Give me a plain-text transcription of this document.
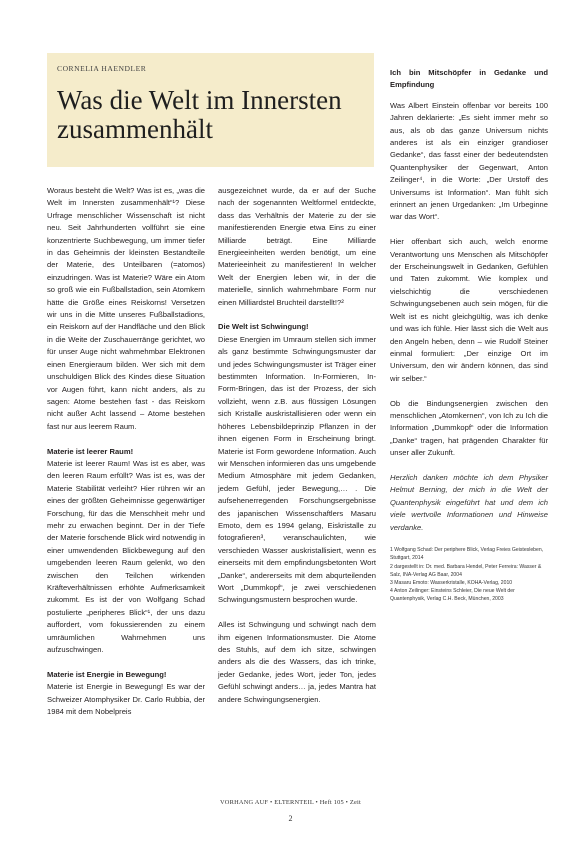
CORNELIA HAENDLER
Was die Welt im Innersten zusammenhält

Woraus besteht die Welt? Was ist es, „was die Welt im Innersten zusammenhält“¹? Diese Urfrage menschlicher Wissenschaft ist nicht neu. Seit Jahrhunderten vollführt sie eine konzentrierte Suchbewegung, um immer tiefer in das Geheimnis der kleinsten Bestandteile der Materie, des Unteilbaren (=atomos) einzudringen. Was ist Materie? Wäre ein Atom so groß wie ein Fußballstadion, sein Atomkern hätte die Größe eines Reiskorns! Versetzen wir uns in die Mitte unseres Fußballstadions, ein Reiskorn auf der Handfläche und den Blick in die Weite der Zuschauerränge gerichtet, wo für unser Auge nicht wahrnehmbar Elektronen einen Energieraum bilden. Wer sich mit dem unschuldigen Blick des Kindes diese Situation vor Augen führt, kann nicht anders, als zu sagen: Atome bestehen fast - das Reiskorn nicht außer Acht lassend – Atome bestehen fast nur aus leerem Raum.

Materie ist leerer Raum!

Materie ist leerer Raum! Was ist es aber, was den leeren Raum erfüllt? Was ist es, was der Materie Stabilität verleiht? Hier rühren wir an eines der größten Geheimnisse gegenwärtiger Forschung, für das die Menschheit mehr und mehr zu erwachen beginnt. Der in der Tiefe der Materie forschende Blick wird notwendig in einer umwendenden Blickbewegung auf den umgebenden leeren Raum gelenkt, wo den zwischen den Teilchen wirkenden Kräfteverhältnissen erhöhte Aufmerksamkeit zukommt. Es ist der von Wolfgang Schad postulierte „peripheres Blick“¹, der uns dazu auffordert, vom fokussierenden zu einem umräumlichen Wahrnehmen uns aufzuschwingen.

Materie ist Energie in Bewegung!

Materie ist Energie in Bewegung! Es war der Schweizer Atomphysiker Dr. Carlo Rubbia, der 1984 mit dem Nobelpreis

ausgezeichnet wurde, da er auf der Suche nach der sogenannten Weltformel entdeckte, dass das Verhältnis der Materie zu der sie manifestierenden Energie etwa Eins zu einer Milliarde beträgt. Eine Milliarde Energieeinheiten werden benötigt, um eine Materieeinheit zu manifestieren! In welcher Welt der Energien leben wir, in der die materielle, sinnlich wahrnehmbare Form nur einen Milliardstel Bruchteil darstellt!?²

Die Welt ist Schwingung!

Diese Energien im Umraum stellen sich immer als ganz bestimmte Schwingungsmuster dar und jedes Schwingungsmuster ist Träger einer bestimmten Information. In-Formieren, In-Form-Bringen, das ist der Prozess, der sich vollzieht, wenn z.B. aus flüssigen Lösungen sich Kristalle auskristallisieren oder wenn ein höheres Lebensbildeprinzip Pflanzen in der ihnen eigenen Form in Erscheinung bringt. Materie ist Form gewordene Information. Auch wir Menschen informieren das uns umgebende Medium Atmosphäre mit jedem Gedanken, jedem Gefühl, jeder Bewegung,… . Die aufsehenerregenden Forschungsergebnisse des japanischen Wissenschaftlers Masaru Emoto, dem es 1994 gelang, Eiskristalle zu fotografieren³, veranschaulichten, wie verschieden Wasser auskristallisiert, wenn es einerseits mit dem empfindungsbetonten Wort „Danke“, andererseits mit dem abqurteilenden Wort „Dummkopf“, je zwei verschiedenen Schwingungsmustern besprochen wurde.

Alles ist Schwingung und schwingt nach dem ihm eigenen Informationsmuster. Die Atome des Stuhls, auf dem ich sitze, schwingen anders als die des Wassers, das ich trinke, jeder Gedanke, jedes Wort, jeder Ton, jedes Gefühl schwingt anders… ja, jedes Mantra hat andere Schwingungsenergien.

Ich bin Mitschöpfer in Gedanke und Empfindung

Was Albert Einstein offenbar vor bereits 100 Jahren deklarierte: „Es sieht immer mehr so aus, als ob das ganze Universum nichts anderes ist als ein einziger grandioser Gedanke“, das fasst einer der bedeutendsten Quantenphysiker der Gegenwart, Anton Zeilinger⁴, in die Worte: „Der Urstoff des Universums ist Information“. Man fühlt sich erinnert an jenen Urgedanken: „Im Urbeginne war das Wort“.

Hier offenbart sich auch, welch enorme Verantwortung uns Menschen als Mitschöpfer der Erscheinungswelt in Gedanken, Gefühlen und Taten zukommt. Wie komplex und vielschichtig die verschiedenen Schwingungsebenen auch sein mögen, für die Welt ist es nicht gleichgültig, was ich denke und was ich fühle. Hier lässt sich die Welt aus den Angeln heben, denn – wie Rudolf Steiner einmal formuliert: „Der einzige Ort im Universum, den wir ändern können, das sind wir selber.“

Ob die Bindungsenergien zwischen den menschlichen „Atomkernen“, von Ich zu Ich die Information „Dummkopf“ oder die Information „Danke“ tragen, hat prägenden Charakter für unser aller Zukunft.

Herzlich danken möchte ich dem Physiker Helmut Berning, der mich in die Welt der Quantenphysik eingeführt hat und dem ich viele wertvolle Informationen und Hinweise verdanke.

1 Wolfgang Schad: Der periphere Blick, Verlag Freies Geistesleben, Stuttgart, 2014
2 dargestellt in: Dr. med. Barbara Hendel, Peter Ferreira: Wasser & Salz, INA-Verlag AG Baar, 2004
3 Masaru Emoto: Wasserkristalle, KOHA-Verlag, 2010
4 Anton Zeilinger: Einsteins Schleier, Die neue Welt der Quantenphysik, Verlag C.H. Beck, München, 2003
VORHANG AUF • ELTERNTEIL • Heft 105 • Zeit
2
